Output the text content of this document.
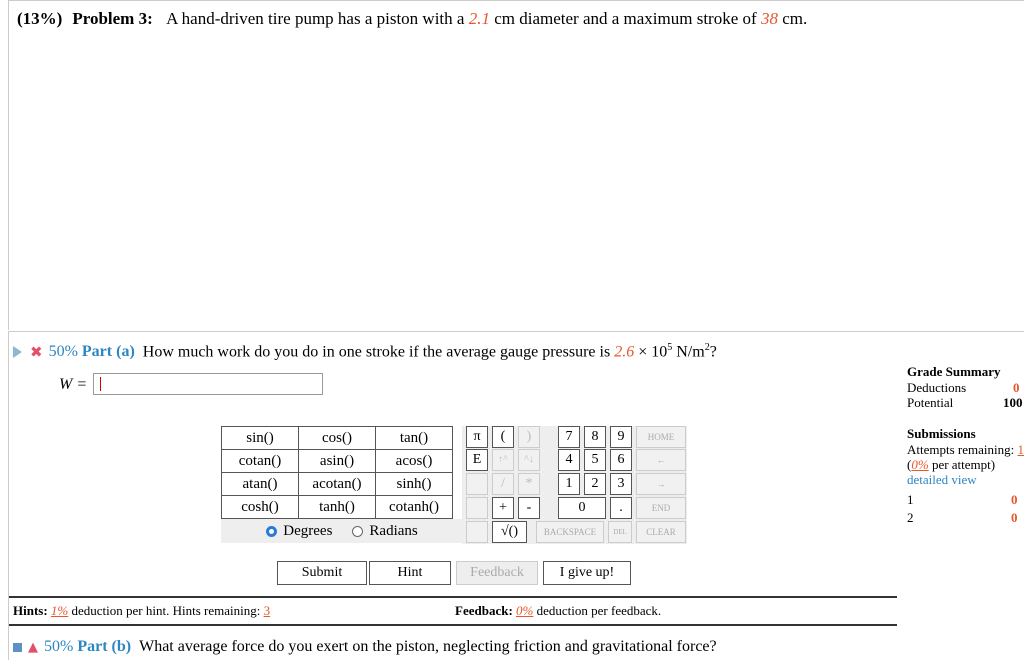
(13%) Problem 3: A hand-driven tire pump has a piston with a 2.1 cm diameter and a maximum stroke of 38 cm.
✖ 50% Part (a) How much work do you do in one stroke if the average gauge pressure is $2.6 \times 10^5$ $N/m^2$?
W =
sin()	cos()	tan()
cotan()	asin()	acos()
atan()	acotan()	sinh()
cosh()	tanh()	cotanh()
Degrees Radians
π	(	)
E	↑^	^↓
/	*
+	-
√()
7	8	9
4	5	6
1	2	3
0	.
BACKSPACE	DEL
HOME
←
→
END
CLEAR
Submit	Hint	Feedback	I give up!
Hints: 1% deduction per hint. Hints remaining: 3	Feedback: 0% deduction per feedback.
Grade Summary
Deductions	0
Potential	100
Submissions
Attempts remaining: 1
(0% per attempt)
detailed view
1	0
2	0
▲ 50% Part (b) What average force do you exert on the piston, neglecting friction and gravitational force?
